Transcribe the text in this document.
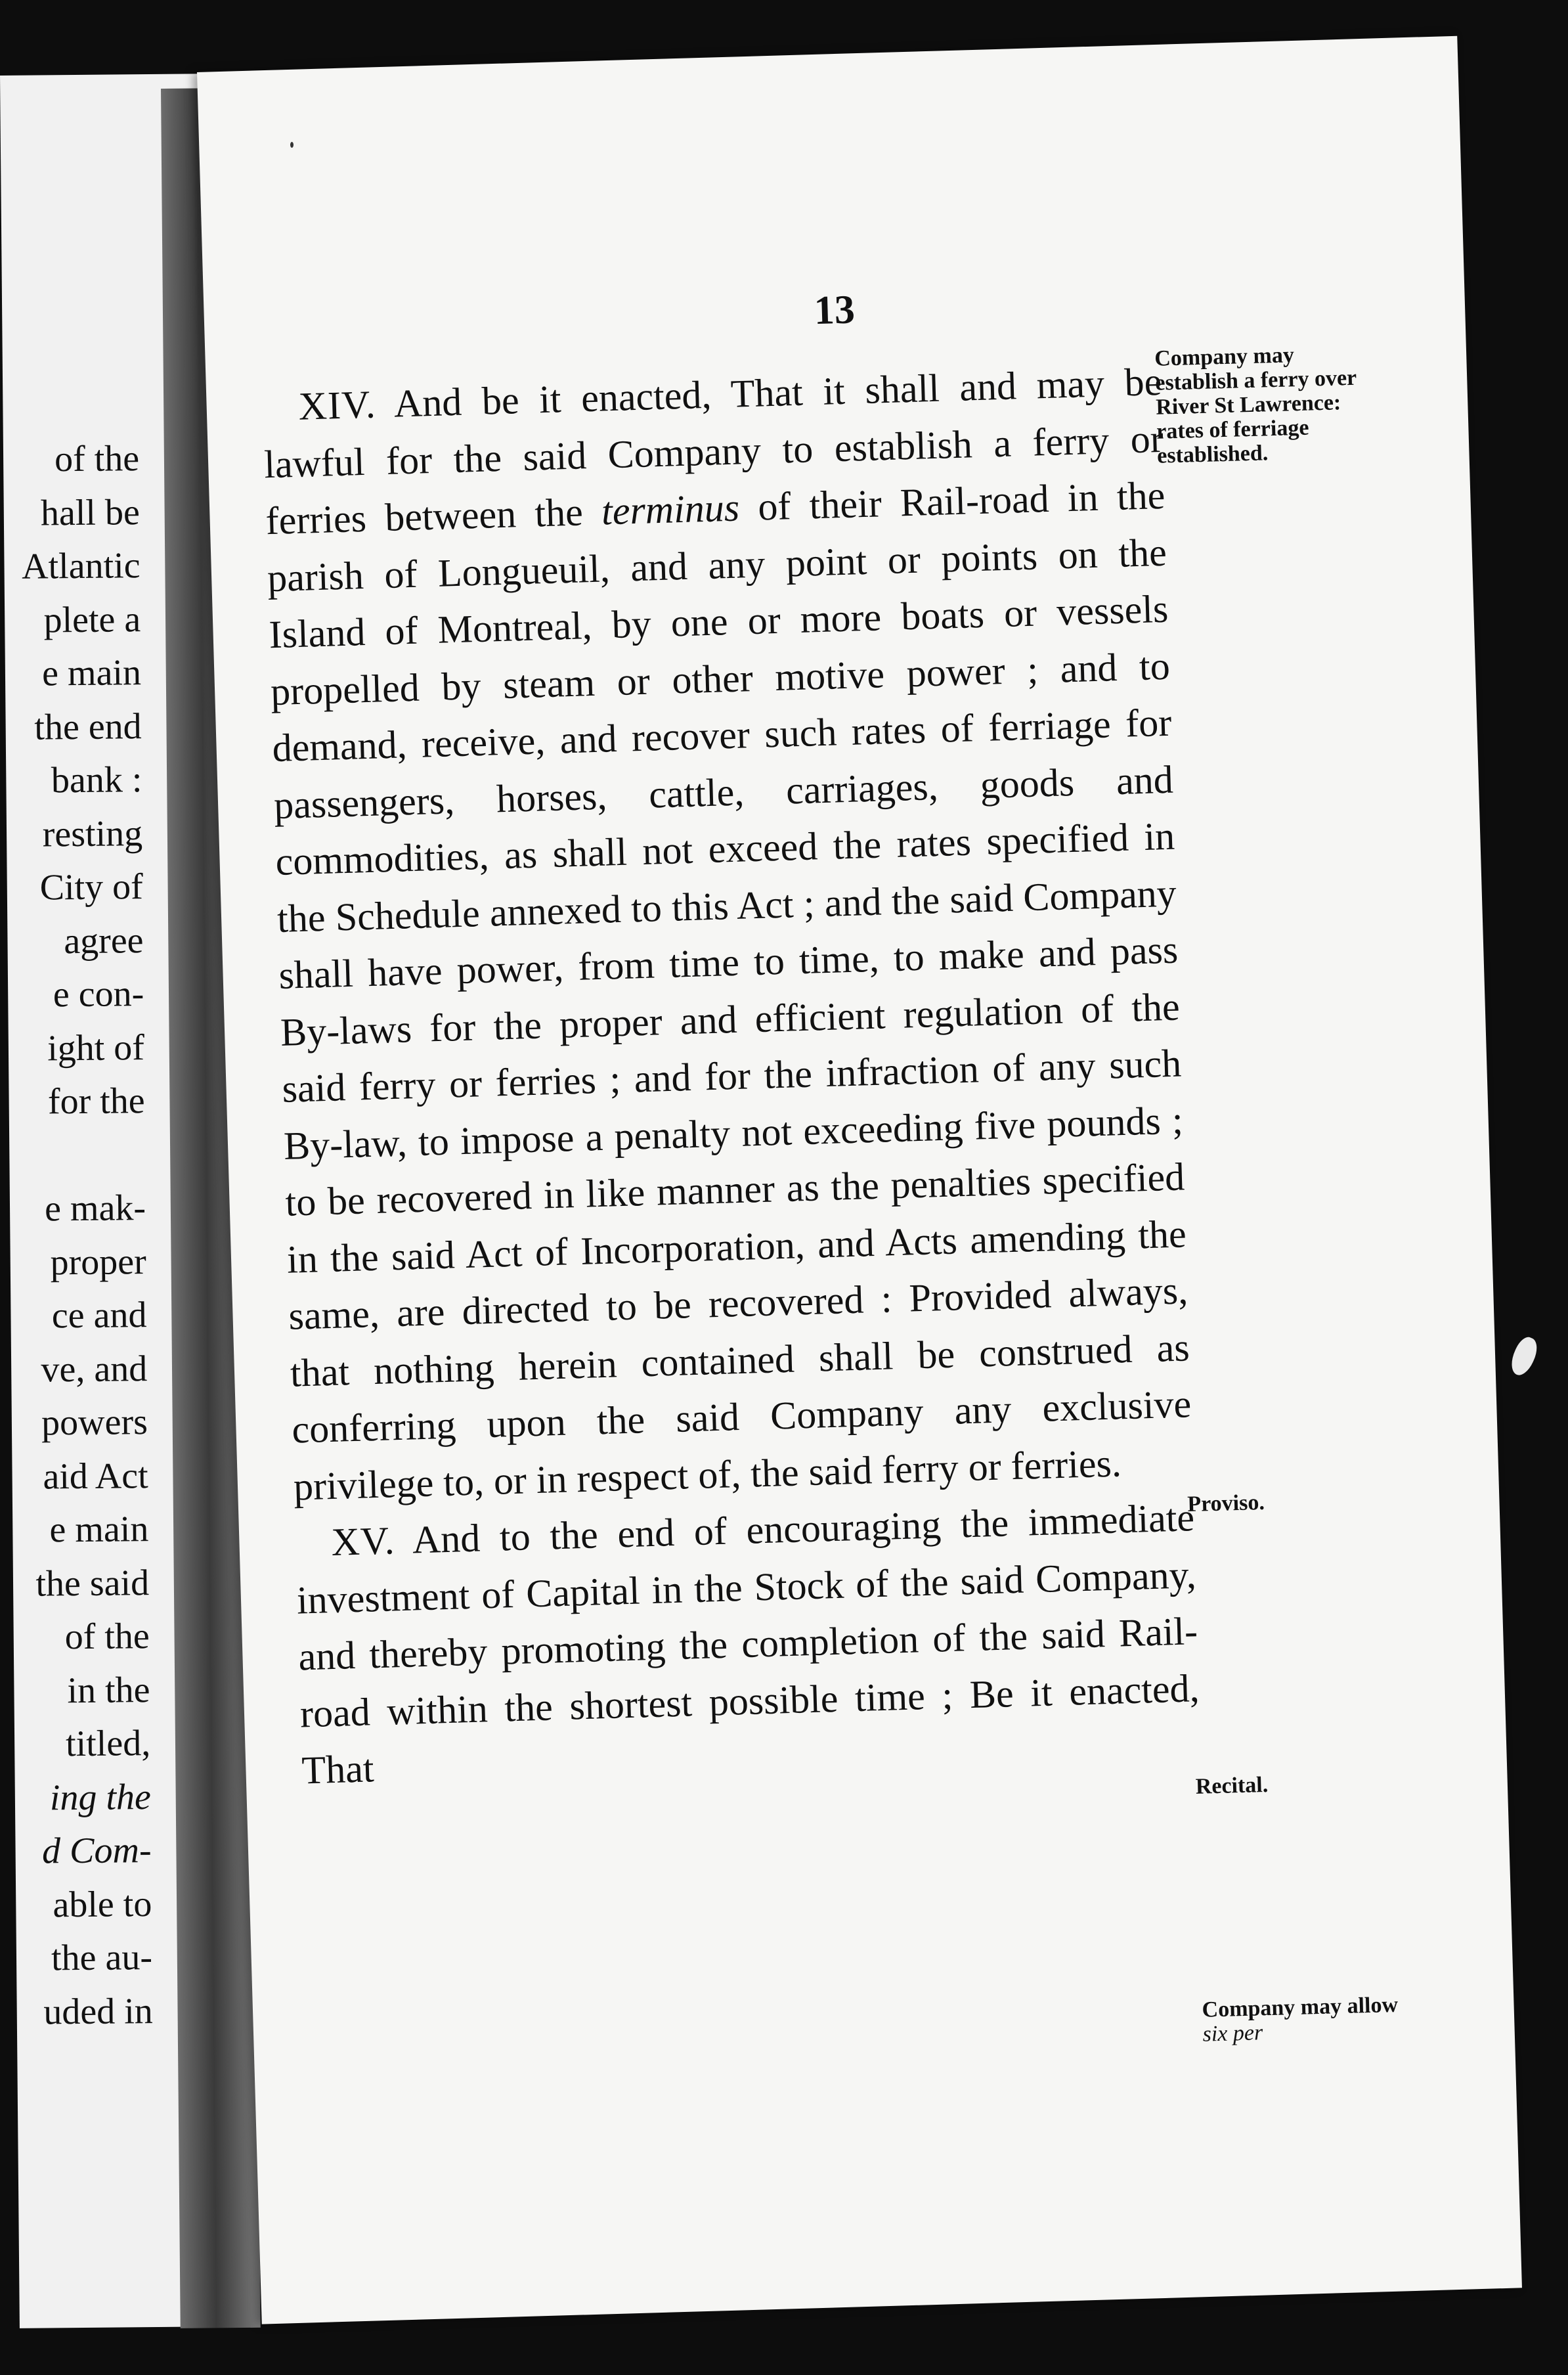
of the
hall be
Atlantic
plete a
e main
the end
bank :
resting
City of
agree
e con-
ight of
for the
e mak-
proper
ce and
ve, and
powers
aid Act
e main
the said
of the
in the
titled,
ing the
d Com-
able to
the au-
uded in
13

XIV. And be it enacted, That it shall and may be lawful for the said Company to establish a ferry or ferries between the terminus of their Rail-road in the parish of Longueuil, and any point or points on the Island of Montreal, by one or more boats or vessels propelled by steam or other motive power ; and to demand, receive, and recover such rates of ferriage for passengers, horses, cattle, carriages, goods and commodities, as shall not exceed the rates specified in the Schedule annexed to this Act ; and the said Company shall have power, from time to time, to make and pass By-laws for the proper and efficient regulation of the said ferry or ferries ; and for the infraction of any such By-law, to impose a penalty not exceeding five pounds ; to be recovered in like manner as the penalties specified in the said Act of Incorporation, and Acts amending the same, are directed to be recovered : Provided always, that nothing herein contained shall be construed as conferring upon the said Company any exclusive privilege to, or in respect of, the said ferry or ferries.

XV. And to the end of encouraging the immediate investment of Capital in the Stock of the said Company, and thereby promoting the completion of the said Rail-road within the shortest possible time ; Be it enacted, That

Company may establish a ferry over River St Lawrence: rates of ferriage established.
Proviso.
Recital.
Company may allow six per
